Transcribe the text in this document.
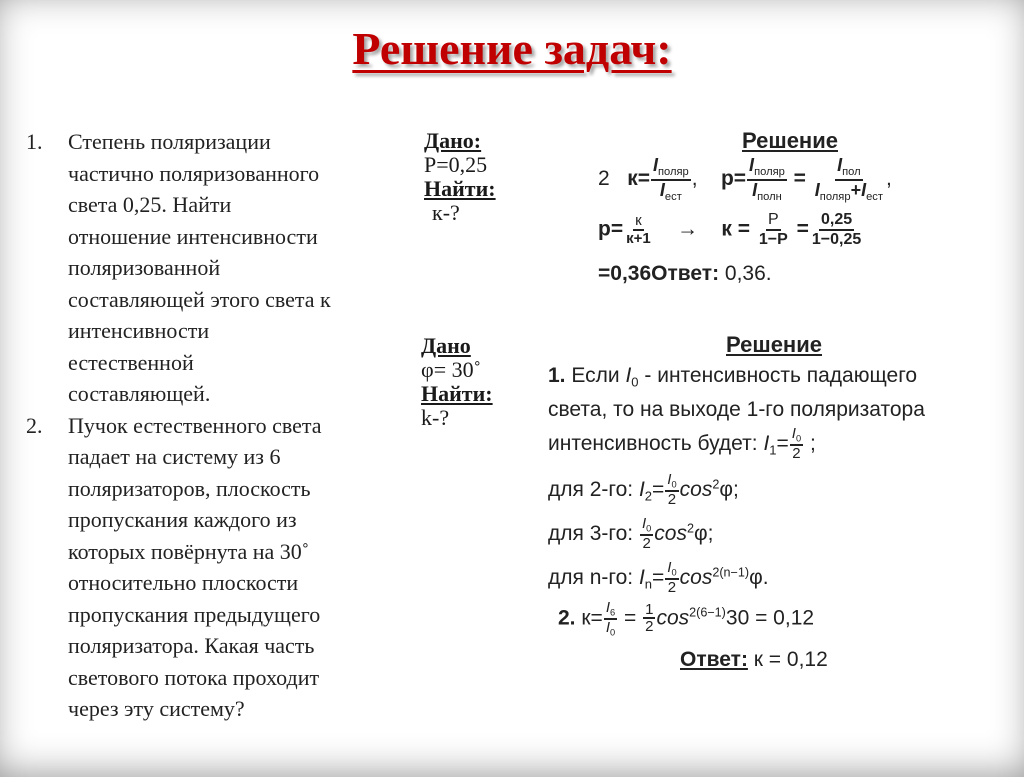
Решение задач:
1. Степень поляризации
частично поляризованного
света 0,25. Найти
отношение интенсивности
поляризованной
составляющей этого света к
интенсивности
естественной
составляющей.
2. Пучок естественного света
падает на систему из 6
поляризаторов, плоскость
пропускания каждого из
которых повёрнута на 30˚
относительно плоскости
пропускания предыдущего
поляризатора. Какая часть
светового потока проходит
через эту систему?
Дано:
Р=0,25
Найти:
к-?
Решение
2 $к= \frac{I_{поляр}}{I_{ест}}$ ,    $р= \frac{I_{поляр}}{I_{полн}} = \frac{I_{пол}}{I_{поляр}+I_{ест}}$ ,
$р= \frac{к}{к+1} \to к = \frac{Р}{1-Р} = \frac{0,25}{1-0,25}$
=0,36Ответ: 0,36.
Дано
φ= 30˚
Найти:
k-?
Решение
1. Если $I_0$ - интенсивность падающего
света, то на выходе 1-го поляризатора
интенсивность будет: $I_1= \frac{I_0}{2}$ ;
для 2-го: $I_2= \frac{I_0}{2} \cos^2\varphi$;
для 3-го: $\frac{I_0}{2} \cos^2\varphi$;
для n-го: $I_n= \frac{I_0}{2} \cos^{2(n-1)}\varphi$.
2. $к= \frac{I_6}{I_0} = \frac{1}{2} \cos^{2(6-1)}30 = 0,12$
Ответ: к = 0,12
